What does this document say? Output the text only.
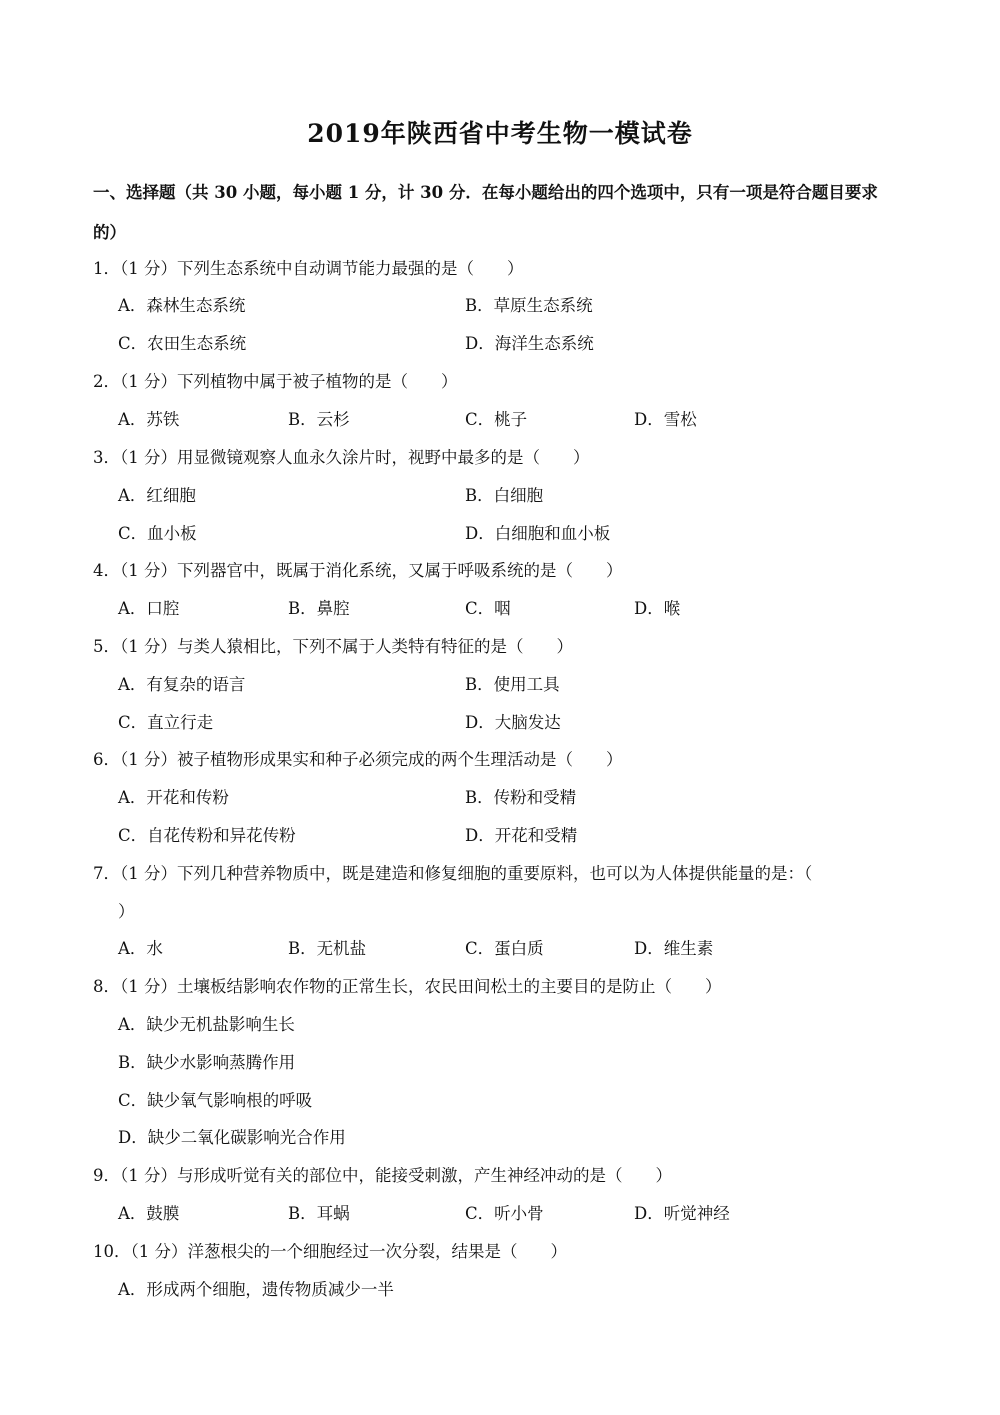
2019年陕西省中考生物一模试卷
一、选择题（共 30 小题，每小题 1 分，计 30 分．在每小题给出的四个选项中，只有一项是符合题目要求
的）
1．（1 分）下列生态系统中自动调节能力最强的是（　　）
A．森林生态系统	B．草原生态系统
C．农田生态系统	D．海洋生态系统
2．（1 分）下列植物中属于被子植物的是（　　）
A．苏铁	B．云杉	C．桃子	D．雪松
3．（1 分）用显微镜观察人血永久涂片时，视野中最多的是（　　）
A．红细胞	B．白细胞
C．血小板	D．白细胞和血小板
4．（1 分）下列器官中，既属于消化系统，又属于呼吸系统的是（　　）
A．口腔	B．鼻腔	C．咽	D．喉
5．（1 分）与类人猿相比，下列不属于人类特有特征的是（　　）
A．有复杂的语言	B．使用工具
C．直立行走	D．大脑发达
6．（1 分）被子植物形成果实和种子必须完成的两个生理活动是（　　）
A．开花和传粉	B．传粉和受精
C．自花传粉和异花传粉	D．开花和受精
7．（1 分）下列几种营养物质中，既是建造和修复细胞的重要原料，也可以为人体提供能量的是：（
）
A．水	B．无机盐	C．蛋白质	D．维生素
8．（1 分）土壤板结影响农作物的正常生长，农民田间松土的主要目的是防止（　　）
A．缺少无机盐影响生长
B．缺少水影响蒸腾作用
C．缺少氧气影响根的呼吸
D．缺少二氧化碳影响光合作用
9．（1 分）与形成听觉有关的部位中，能接受刺激，产生神经冲动的是（　　）
A．鼓膜	B．耳蜗	C．听小骨	D．听觉神经
10．（1 分）洋葱根尖的一个细胞经过一次分裂，结果是（　　）
A．形成两个细胞，遗传物质减少一半
